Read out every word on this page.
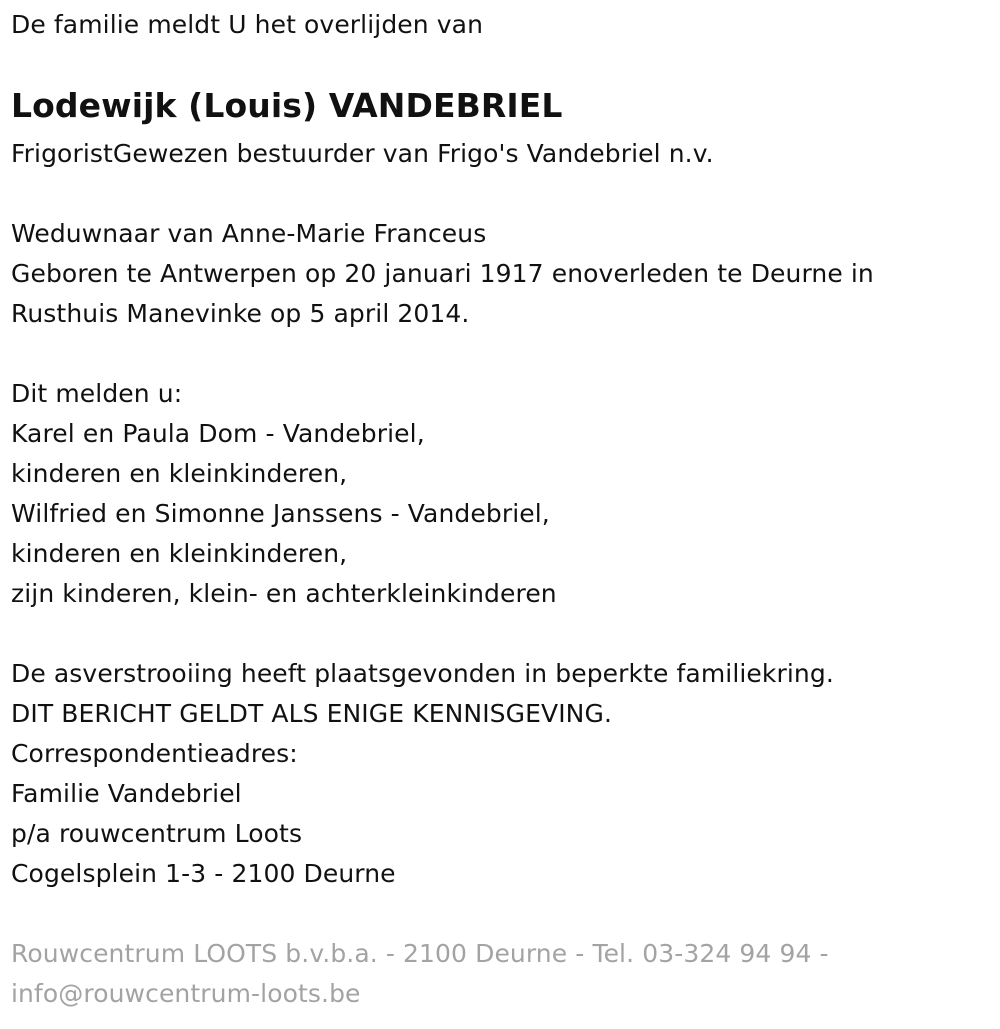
De familie meldt U het overlijden van
Lodewijk (Louis) VANDEBRIEL
FrigoristGewezen bestuurder van Frigo's Vandebriel n.v.
Weduwnaar van Anne-Marie Franceus
Geboren te Antwerpen op 20 januari 1917 enoverleden te Deurne in
Rusthuis Manevinke op 5 april 2014.
Dit melden u:
Karel en Paula Dom - Vandebriel,
kinderen en kleinkinderen,
Wilfried en Simonne Janssens - Vandebriel,
kinderen en kleinkinderen,
zijn kinderen, klein- en achterkleinkinderen
De asverstrooiing heeft plaatsgevonden in beperkte familiekring.
DIT BERICHT GELDT ALS ENIGE KENNISGEVING.
Correspondentieadres:
Familie Vandebriel
p/a rouwcentrum Loots
Cogelsplein 1-3 - 2100 Deurne
Rouwcentrum LOOTS b.v.b.a. - 2100 Deurne - Tel. 03-324 94 94 -
info@rouwcentrum-loots.be
